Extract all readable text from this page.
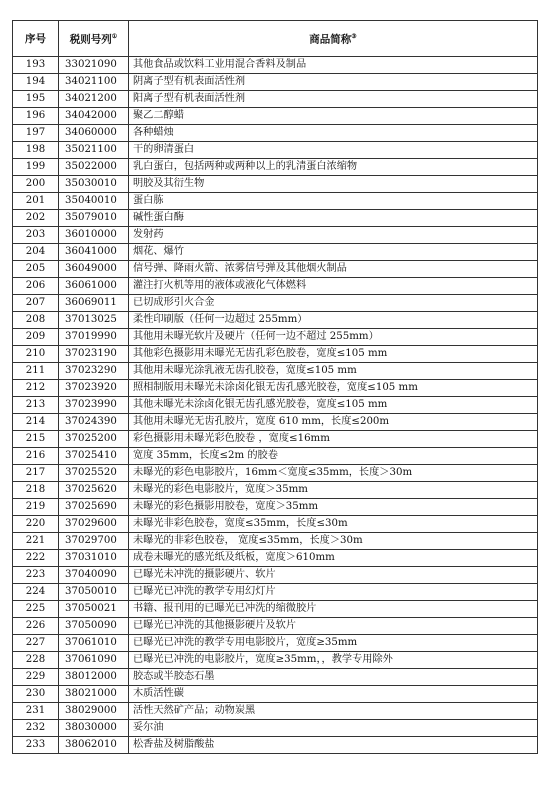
序号	税则号列①	商品简称③
193	33021090	其他食品或饮料工业用混合香料及制品
194	34021100	阴离子型有机表面活性剂
195	34021200	阳离子型有机表面活性剂
196	34042000	聚乙二醇蜡
197	34060000	各种蜡烛
198	35021100	干的卵清蛋白
199	35022000	乳白蛋白，包括两种或两种以上的乳清蛋白浓缩物
200	35030010	明胶及其衍生物
201	35040010	蛋白胨
202	35079010	碱性蛋白酶
203	36010000	发射药
204	36041000	烟花、爆竹
205	36049000	信号弹、降雨火箭、浓雾信号弹及其他烟火制品
206	36061000	灌注打火机等用的液体或液化气体燃料
207	36069011	已切成形引火合金
208	37013025	柔性印刷版（任何一边超过 255mm）
209	37019990	其他用未曝光软片及硬片（任何一边不超过 255mm）
210	37023190	其他彩色摄影用未曝光无齿孔彩色胶卷，宽度≤105 mm
211	37023290	其他用未曝光涂乳液无齿孔胶卷，宽度≤105 mm
212	37023920	照相制版用未曝光未涂卤化银无齿孔感光胶卷，宽度≤105 mm
213	37023990	其他未曝光未涂卤化银无齿孔感光胶卷，宽度≤105 mm
214	37024390	其他用未曝光无齿孔胶片，宽度 610 mm，长度≤200m
215	37025200	彩色摄影用未曝光彩色胶卷 ，宽度≤16mm
216	37025410	宽度 35mm，长度≤2m 的胶卷
217	37025520	未曝光的彩色电影胶片，16mm＜宽度≤35mm，长度＞30m
218	37025620	未曝光的彩色电影胶片，宽度＞35mm
219	37025690	未曝光的彩色摄影用胶卷，宽度＞35mm
220	37029600	未曝光非彩色胶卷，宽度≤35mm，长度≤30m
221	37029700	未曝光的非彩色胶卷， 宽度≤35mm，长度＞30m
222	37031010	成卷未曝光的感光纸及纸板，宽度＞610mm
223	37040090	已曝光未冲洗的摄影硬片、软片
224	37050010	已曝光已冲洗的教学专用幻灯片
225	37050021	书籍、报刊用的已曝光已冲洗的缩微胶片
226	37050090	已曝光已冲洗的其他摄影硬片及软片
227	37061010	已曝光已冲洗的教学专用电影胶片，宽度≥35mm
228	37061090	已曝光已冲洗的电影胶片，宽度≥35mm，，教学专用除外
229	38012000	胶态或半胶态石墨
230	38021000	木质活性碳
231	38029000	活性天然矿产品；动物炭黑
232	38030000	妥尔油
233	38062010	松香盐及树脂酸盐
